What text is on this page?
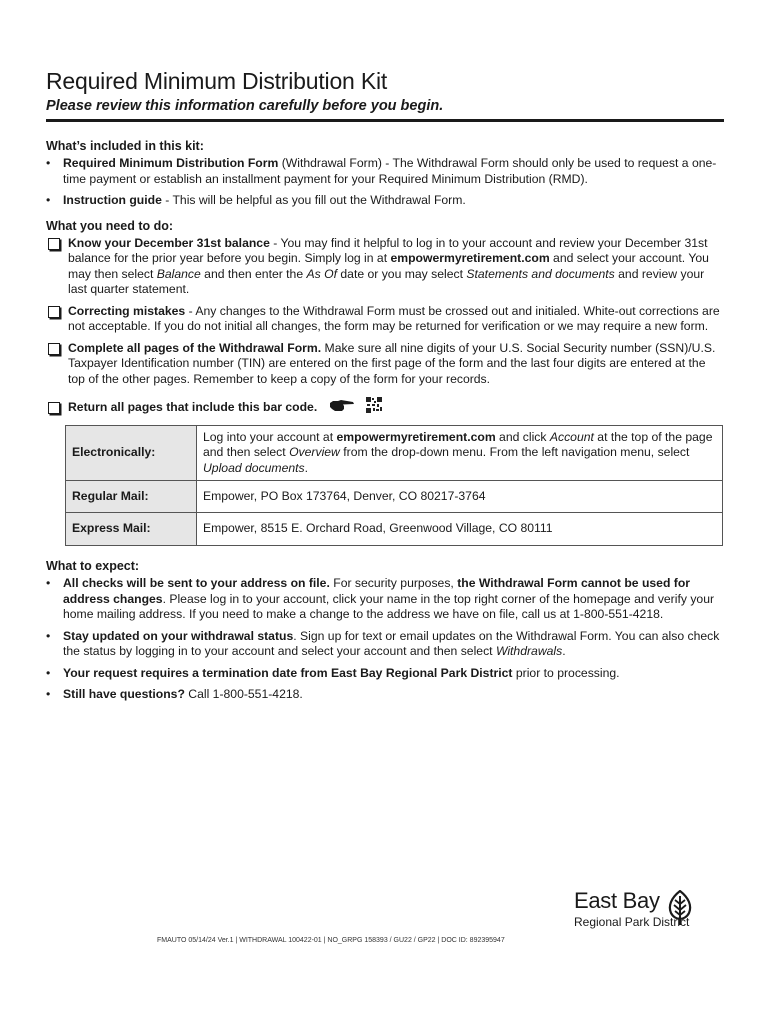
Required Minimum Distribution Kit
Please review this information carefully before you begin.
What’s included in this kit:
• Required Minimum Distribution Form (Withdrawal Form) - The Withdrawal Form should only be used to request a one-time payment or establish an installment payment for your Required Minimum Distribution (RMD).
• Instruction guide - This will be helpful as you fill out the Withdrawal Form.
What you need to do:
Know your December 31st balance - You may find it helpful to log in to your account and review your December 31st balance for the prior year before you begin. Simply log in at empowermyretirement.com and select your account. You may then select Balance and then enter the As Of date or you may select Statements and documents and review your last quarter statement.
Correcting mistakes - Any changes to the Withdrawal Form must be crossed out and initialed. White-out corrections are not acceptable. If you do not initial all changes, the form may be returned for verification or we may require a new form.
Complete all pages of the Withdrawal Form. Make sure all nine digits of your U.S. Social Security number (SSN)/U.S. Taxpayer Identification number (TIN) are entered on the first page of the form and the last four digits are entered at the top of the other pages. Remember to keep a copy of the form for your records.
Return all pages that include this bar code.
Electronically:	Log into your account at empowermyretirement.com and click Account at the top of the page and then select Overview from the drop-down menu. From the left navigation menu, select Upload documents.
Regular Mail:	Empower, PO Box 173764, Denver, CO 80217-3764
Express Mail:	Empower, 8515 E. Orchard Road, Greenwood Village, CO 80111
What to expect:
• All checks will be sent to your address on file. For security purposes, the Withdrawal Form cannot be used for address changes. Please log in to your account, click your name in the top right corner of the homepage and verify your home mailing address. If you need to make a change to the address we have on file, call us at 1-800-551-4218.
• Stay updated on your withdrawal status. Sign up for text or email updates on the Withdrawal Form. You can also check the status by logging in to your account and select your account and then select Withdrawals.
• Your request requires a termination date from East Bay Regional Park District prior to processing.
• Still have questions? Call 1-800-551-4218.
FMAUTO 05/14/24 Ver.1 | WITHDRAWAL 100422-01 | NO_GRPG 158393 / GU22 / GP22 | DOC ID: 892395947
East Bay
Regional Park District
